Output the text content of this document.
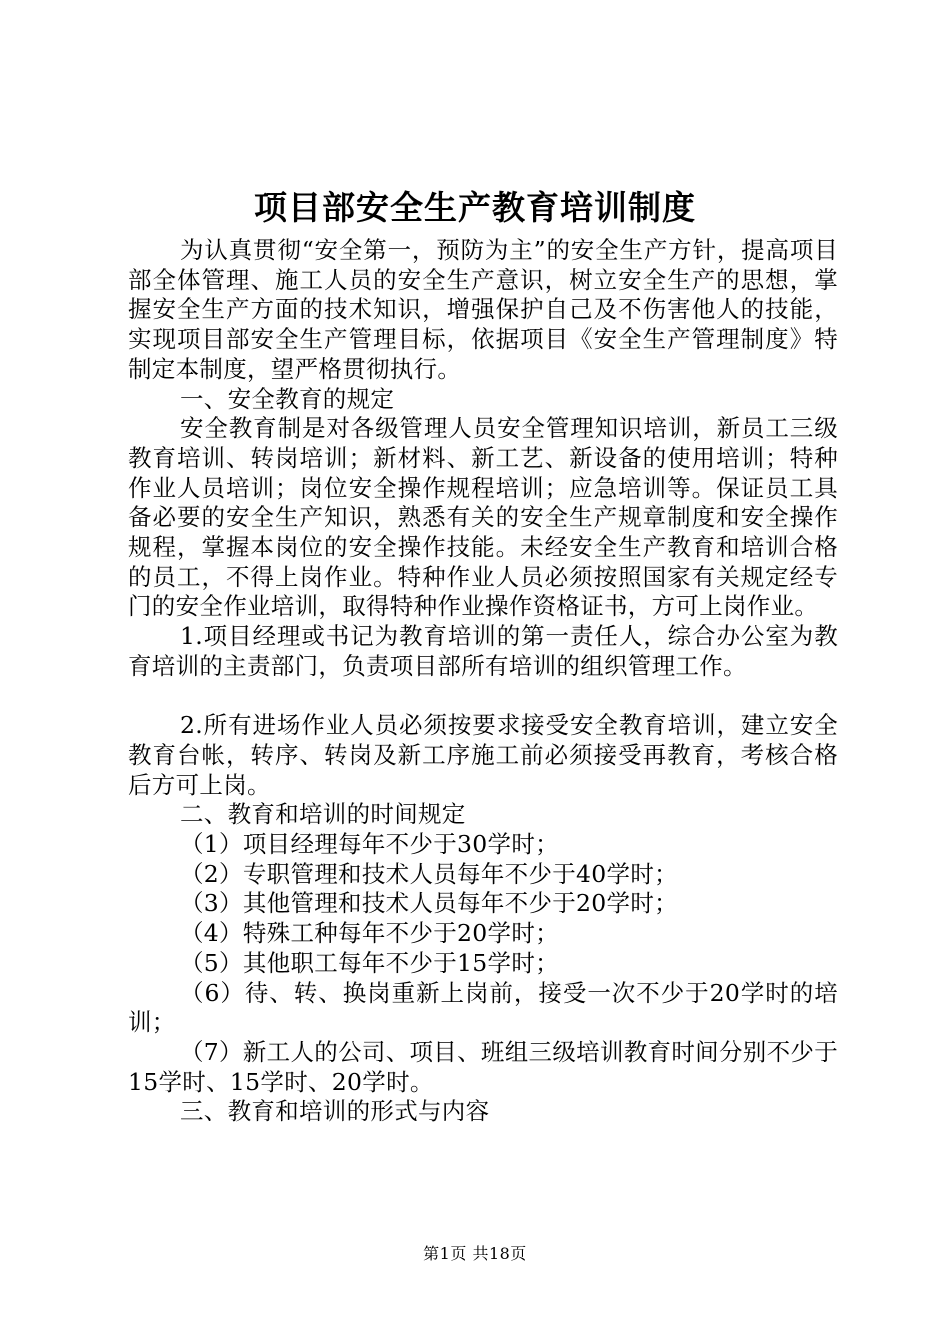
项目部安全生产教育培训制度

为认真贯彻“安全第一，预防为主”的安全生产方针，提高项目部全体管理、施工人员的安全生产意识，树立安全生产的思想，掌握安全生产方面的技术知识，增强保护自己及不伤害他人的技能，实现项目部安全生产管理目标，依据项目《安全生产管理制度》特制定本制度，望严格贯彻执行。

一、安全教育的规定

安全教育制是对各级管理人员安全管理知识培训，新员工三级教育培训、转岗培训；新材料、新工艺、新设备的使用培训；特种作业人员培训；岗位安全操作规程培训；应急培训等。保证员工具备必要的安全生产知识，熟悉有关的安全生产规章制度和安全操作规程，掌握本岗位的安全操作技能。未经安全生产教育和培训合格的员工，不得上岗作业。特种作业人员必须按照国家有关规定经专门的安全作业培训，取得特种作业操作资格证书，方可上岗作业。

1.项目经理或书记为教育培训的第一责任人，综合办公室为教育培训的主责部门，负责项目部所有培训的组织管理工作。

2.所有进场作业人员必须按要求接受安全教育培训，建立安全教育台帐，转序、转岗及新工序施工前必须接受再教育，考核合格后方可上岗。

二、教育和培训的时间规定

（1）项目经理每年不少于30学时；

（2）专职管理和技术人员每年不少于40学时；

（3）其他管理和技术人员每年不少于20学时；

（4）特殊工种每年不少于20学时；

（5）其他职工每年不少于15学时；

（6）待、转、换岗重新上岗前，接受一次不少于20学时的培训；

（7）新工人的公司、项目、班组三级培训教育时间分别不少于15学时、15学时、20学时。

三、教育和培训的形式与内容

第1页 共18页
